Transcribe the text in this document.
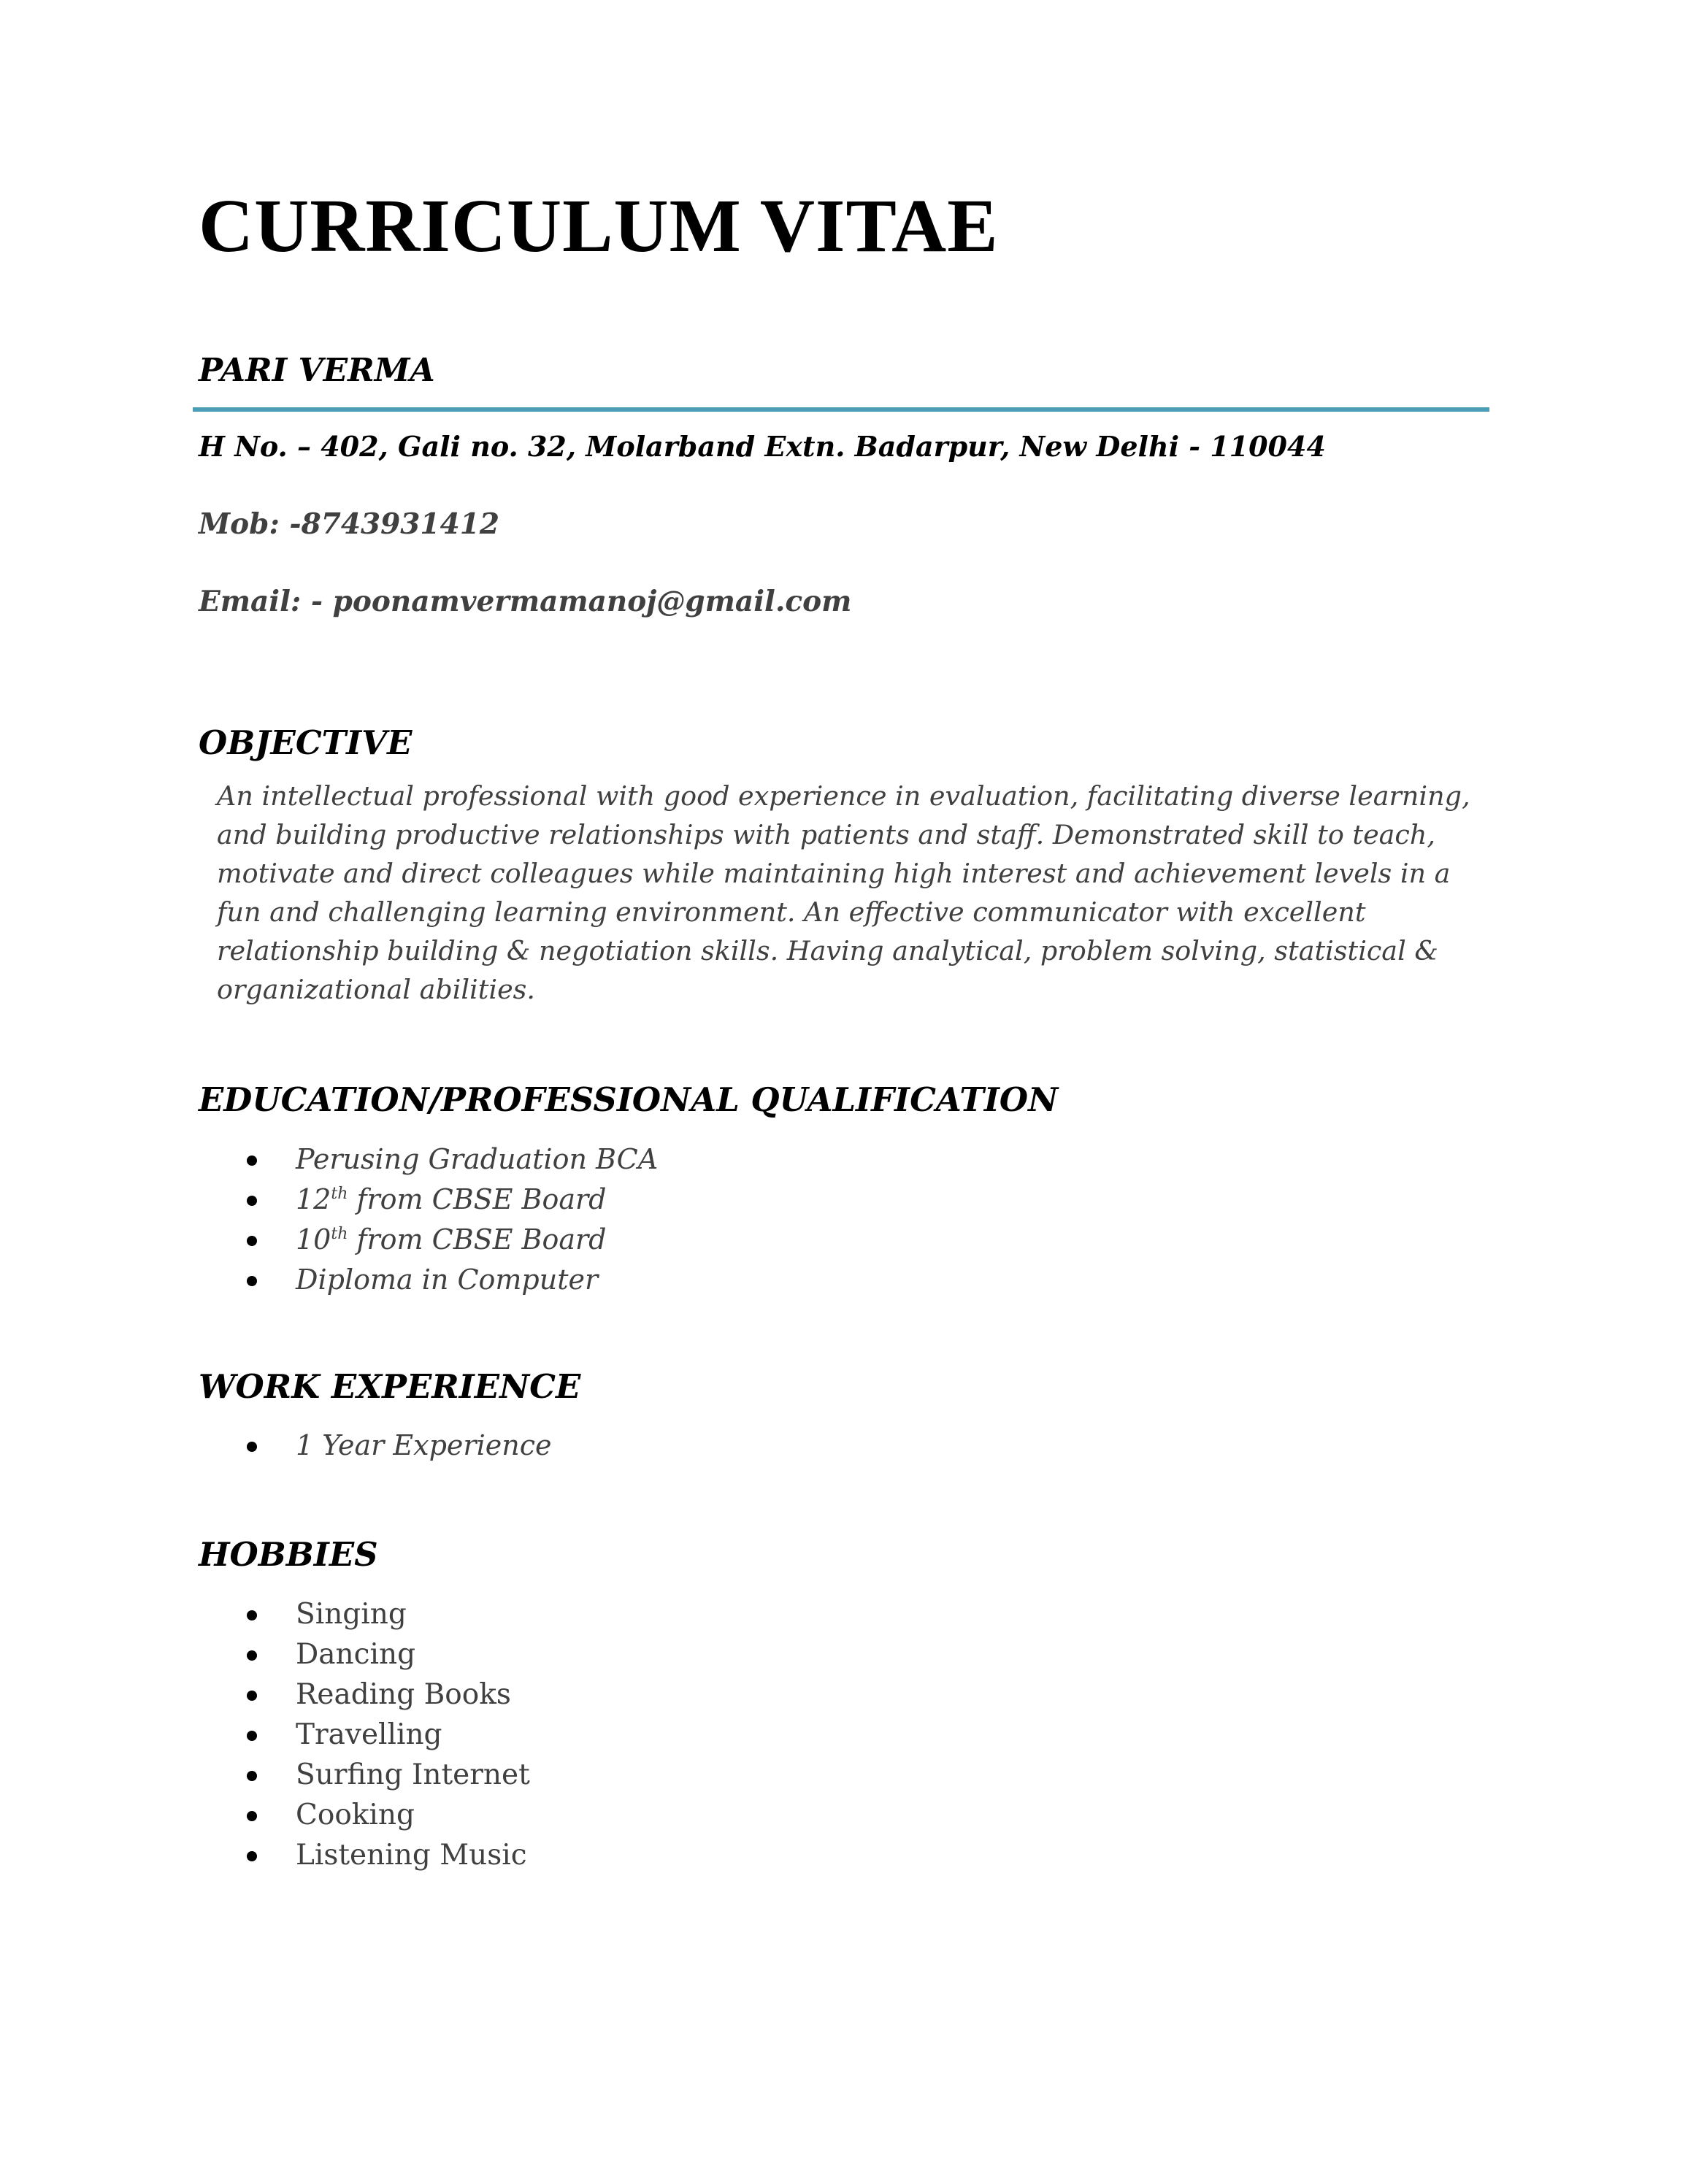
CURRICULUM VITAE
PARI VERMA

H No. – 402, Gali no. 32, Molarband Extn. Badarpur, New Delhi - 110044

Mob: -8743931412

Email: - poonamvermamanoj@gmail.com

OBJECTIVE

An intellectual professional with good experience in evaluation, facilitating diverse learning, and building productive relationships with patients and staff. Demonstrated skill to teach, motivate and direct colleagues while maintaining high interest and achievement levels in a fun and challenging learning environment. An effective communicator with excellent relationship building & negotiation skills. Having analytical, problem solving, statistical & organizational abilities.

EDUCATION/PROFESSIONAL QUALIFICATION
Perusing Graduation BCA
12th from CBSE Board
10th from CBSE Board
Diploma in Computer
WORK EXPERIENCE
1 Year Experience
HOBBIES
Singing
Dancing
Reading Books
Travelling
Surfing Internet
Cooking
Listening Music
